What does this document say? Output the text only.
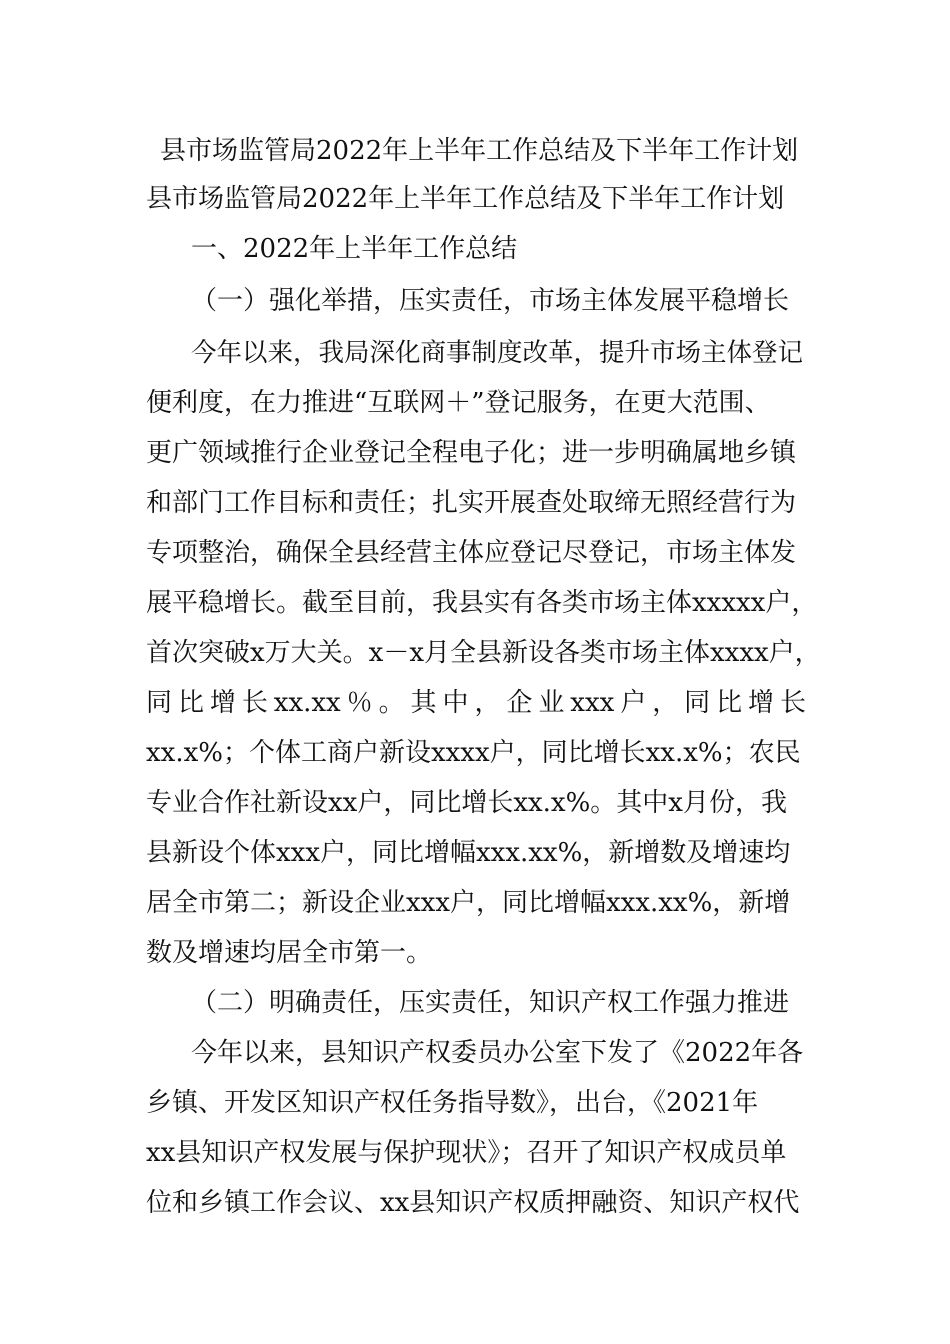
县市场监管局2022年上半年工作总结及下半年工作计划
县市场监管局2022年上半年工作总结及下半年工作计划
一、2022年上半年工作总结
（一）强化举措，压实责任，市场主体发展平稳增长
今年以来，我局深化商事制度改革，提升市场主体登记
便利度，在力推进“互联网＋”登记服务，在更大范围、
更广领域推行企业登记全程电子化；进一步明确属地乡镇
和部门工作目标和责任；扎实开展查处取缔无照经营行为
专项整治，确保全县经营主体应登记尽登记，市场主体发
展平稳增长。截至目前，我县实有各类市场主体xxxxx户，
首次突破x万大关。x－x月全县新设各类市场主体xxxx户，
同比增长xx.xx％。其中，企业xxx户，同比增长
xx.x%；个体工商户新设xxxx户，同比增长xx.x%；农民
专业合作社新设xx户，同比增长xx.x%。其中x月份，我
县新设个体xxx户，同比增幅xxx.xx%，新增数及增速均
居全市第二；新设企业xxx户，同比增幅xxx.xx%，新增
数及增速均居全市第一。
（二）明确责任，压实责任，知识产权工作强力推进
今年以来，县知识产权委员办公室下发了《2022年各
乡镇、开发区知识产权任务指导数》，出台，《2021年
xx县知识产权发展与保护现状》；召开了知识产权成员单
位和乡镇工作会议、xx县知识产权质押融资、知识产权代
